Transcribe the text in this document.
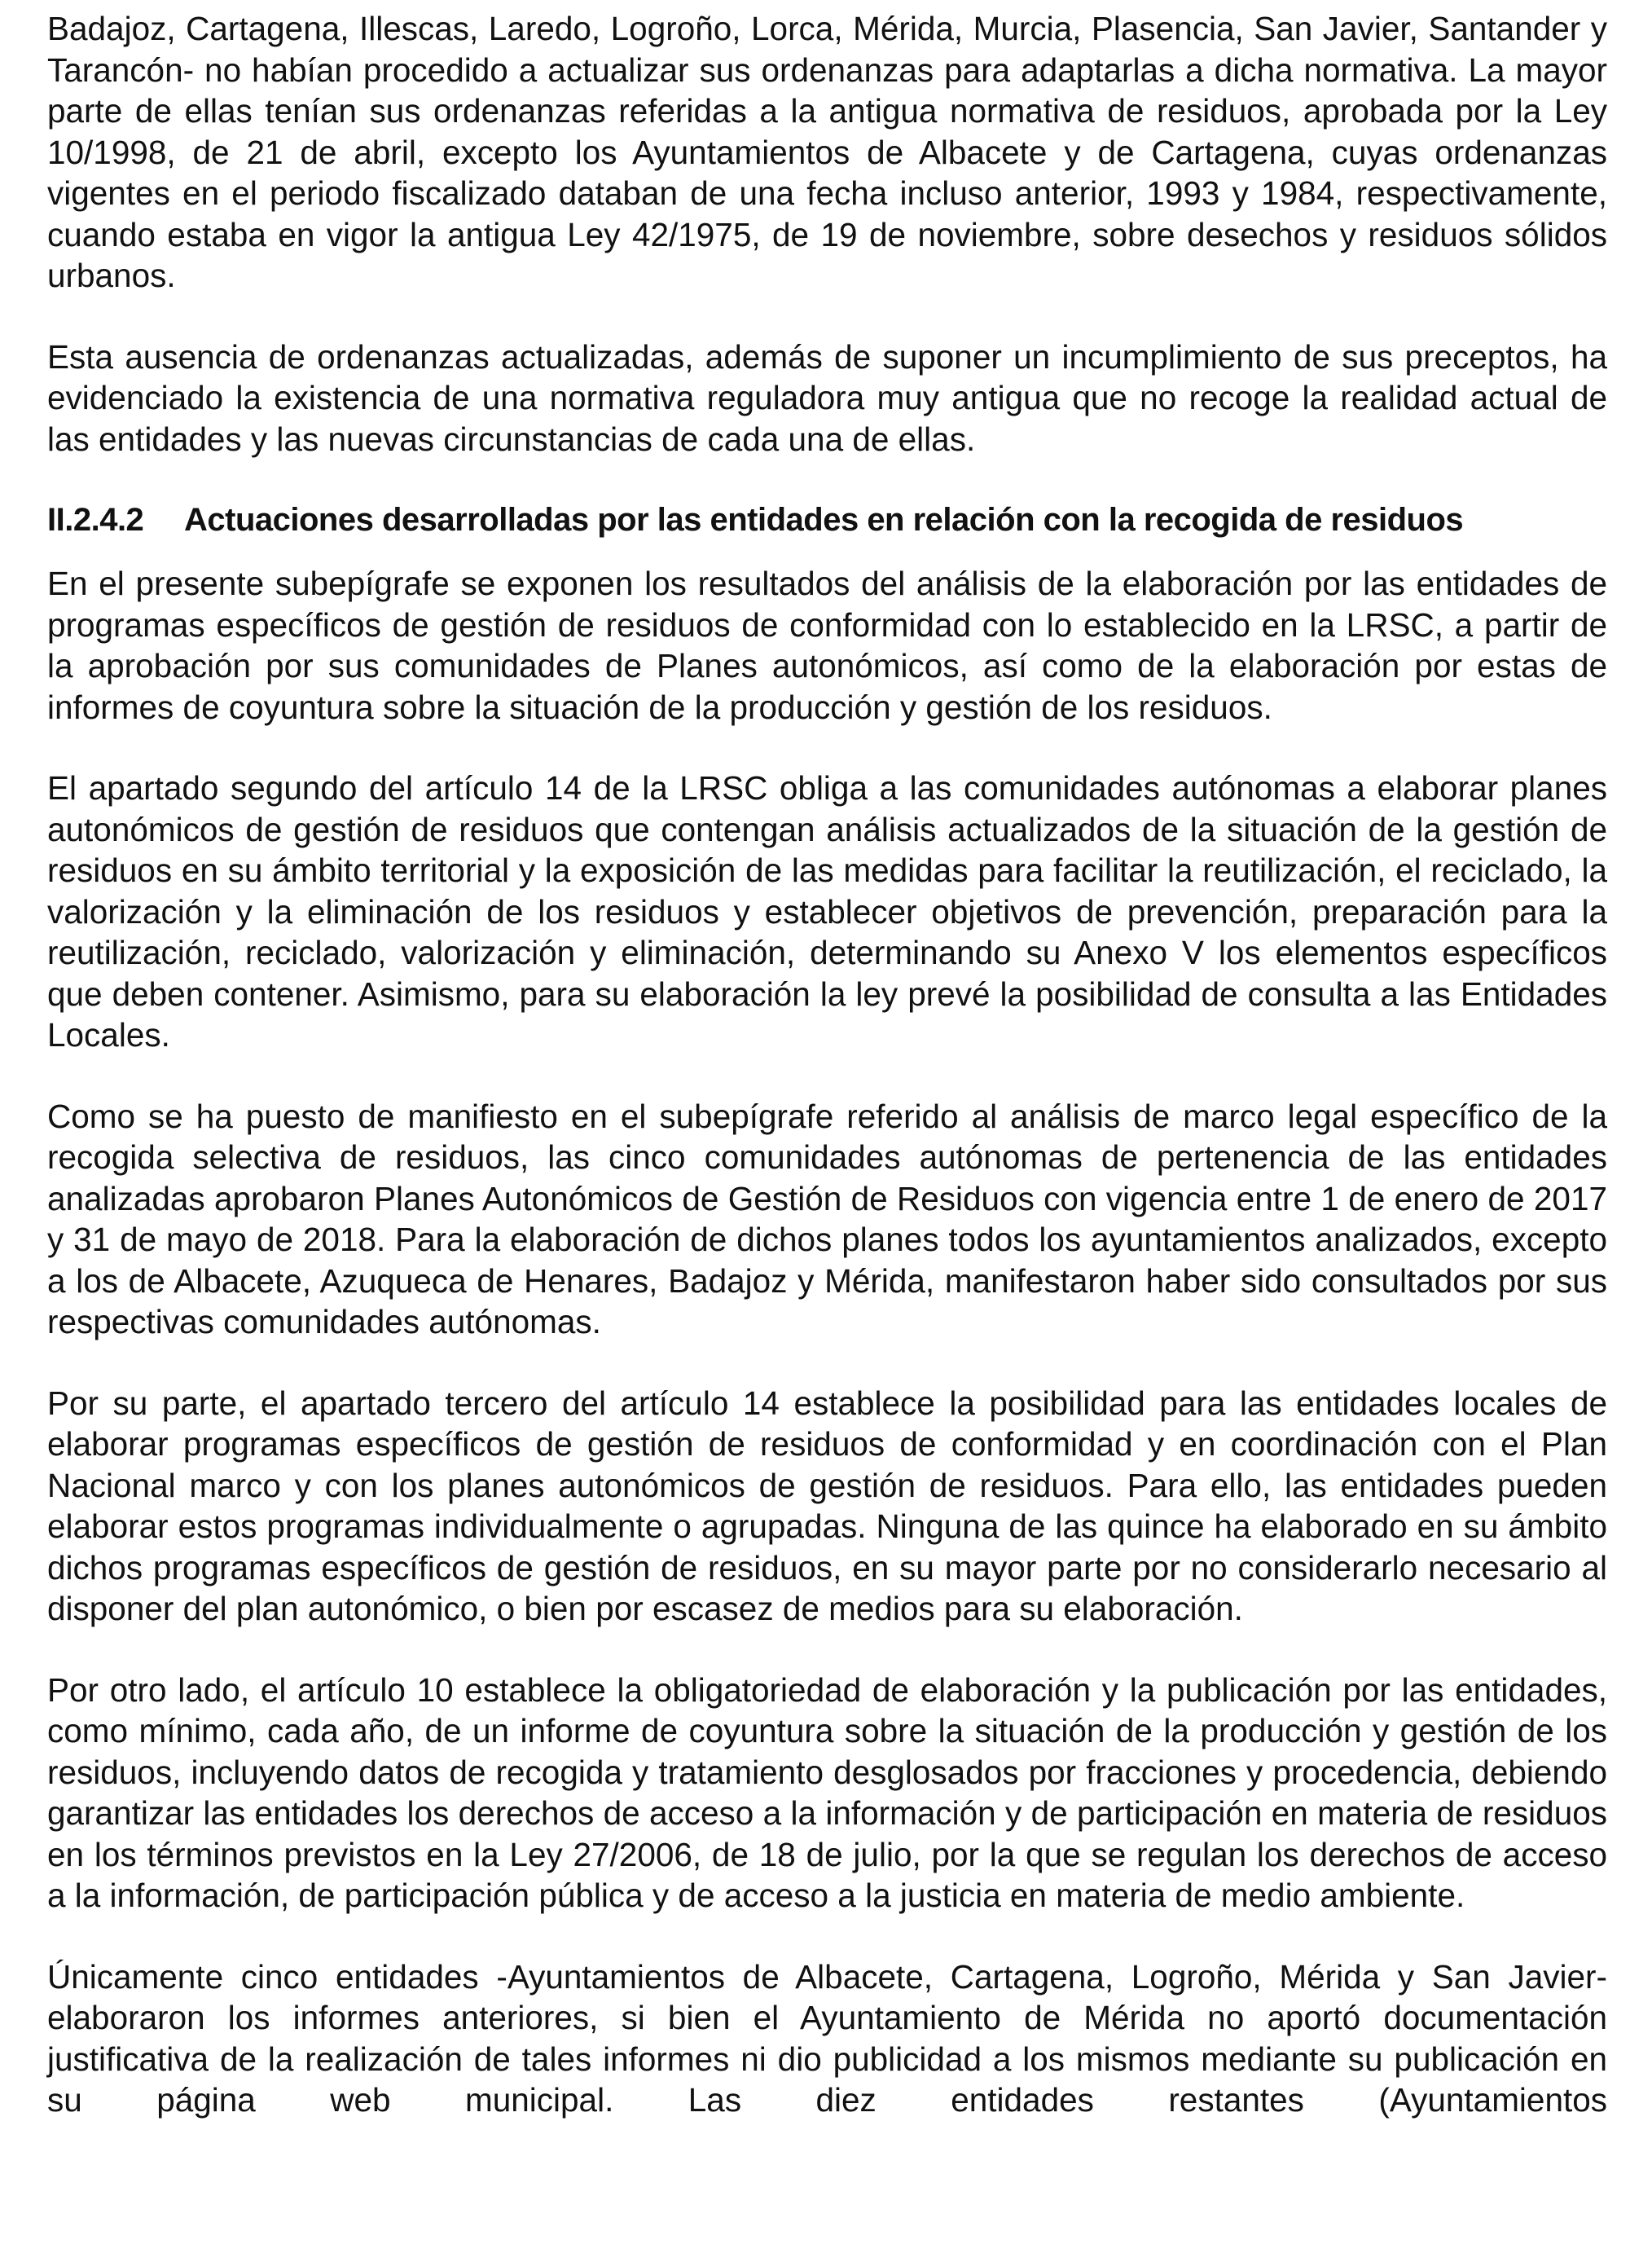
Badajoz, Cartagena, Illescas, Laredo, Logroño, Lorca, Mérida, Murcia, Plasencia, San Javier, Santander y Tarancón- no habían procedido a actualizar sus ordenanzas para adaptarlas a dicha normativa. La mayor parte de ellas tenían sus ordenanzas referidas a la antigua normativa de residuos, aprobada por la Ley 10/1998, de 21 de abril, excepto los Ayuntamientos de Albacete y de Cartagena, cuyas ordenanzas vigentes en el periodo fiscalizado databan de una fecha incluso anterior, 1993 y 1984, respectivamente, cuando estaba en vigor la antigua Ley 42/1975, de 19 de noviembre, sobre desechos y residuos sólidos urbanos.

Esta ausencia de ordenanzas actualizadas, además de suponer un incumplimiento de sus preceptos, ha evidenciado la existencia de una normativa reguladora muy antigua que no recoge la realidad actual de las entidades y las nuevas circunstancias de cada una de ellas.

II.2.4.2 Actuaciones desarrolladas por las entidades en relación con la recogida de residuos

En el presente subepígrafe se exponen los resultados del análisis de la elaboración por las entidades de programas específicos de gestión de residuos de conformidad con lo establecido en la LRSC, a partir de la aprobación por sus comunidades de Planes autonómicos, así como de la elaboración por estas de informes de coyuntura sobre la situación de la producción y gestión de los residuos.

El apartado segundo del artículo 14 de la LRSC obliga a las comunidades autónomas a elaborar planes autonómicos de gestión de residuos que contengan análisis actualizados de la situación de la gestión de residuos en su ámbito territorial y la exposición de las medidas para facilitar la reutilización, el reciclado, la valorización y la eliminación de los residuos y establecer objetivos de prevención, preparación para la reutilización, reciclado, valorización y eliminación, determinando su Anexo V los elementos específicos que deben contener. Asimismo, para su elaboración la ley prevé la posibilidad de consulta a las Entidades Locales.

Como se ha puesto de manifiesto en el subepígrafe referido al análisis de marco legal específico de la recogida selectiva de residuos, las cinco comunidades autónomas de pertenencia de las entidades analizadas aprobaron Planes Autonómicos de Gestión de Residuos con vigencia entre 1 de enero de 2017 y 31 de mayo de 2018. Para la elaboración de dichos planes todos los ayuntamientos analizados, excepto a los de Albacete, Azuqueca de Henares, Badajoz y Mérida, manifestaron haber sido consultados por sus respectivas comunidades autónomas.

Por su parte, el apartado tercero del artículo 14 establece la posibilidad para las entidades locales de elaborar programas específicos de gestión de residuos de conformidad y en coordinación con el Plan Nacional marco y con los planes autonómicos de gestión de residuos. Para ello, las entidades pueden elaborar estos programas individualmente o agrupadas. Ninguna de las quince ha elaborado en su ámbito dichos programas específicos de gestión de residuos, en su mayor parte por no considerarlo necesario al disponer del plan autonómico, o bien por escasez de medios para su elaboración.

Por otro lado, el artículo 10 establece la obligatoriedad de elaboración y la publicación por las entidades, como mínimo, cada año, de un informe de coyuntura sobre la situación de la producción y gestión de los residuos, incluyendo datos de recogida y tratamiento desglosados por fracciones y procedencia, debiendo garantizar las entidades los derechos de acceso a la información y de participación en materia de residuos en los términos previstos en la Ley 27/2006, de 18 de julio, por la que se regulan los derechos de acceso a la información, de participación pública y de acceso a la justicia en materia de medio ambiente.

Únicamente cinco entidades -Ayuntamientos de Albacete, Cartagena, Logroño, Mérida y San Javier- elaboraron los informes anteriores, si bien el Ayuntamiento de Mérida no aportó documentación justificativa de la realización de tales informes ni dio publicidad a los mismos mediante su publicación en su página web municipal. Las diez entidades restantes (Ayuntamientos
